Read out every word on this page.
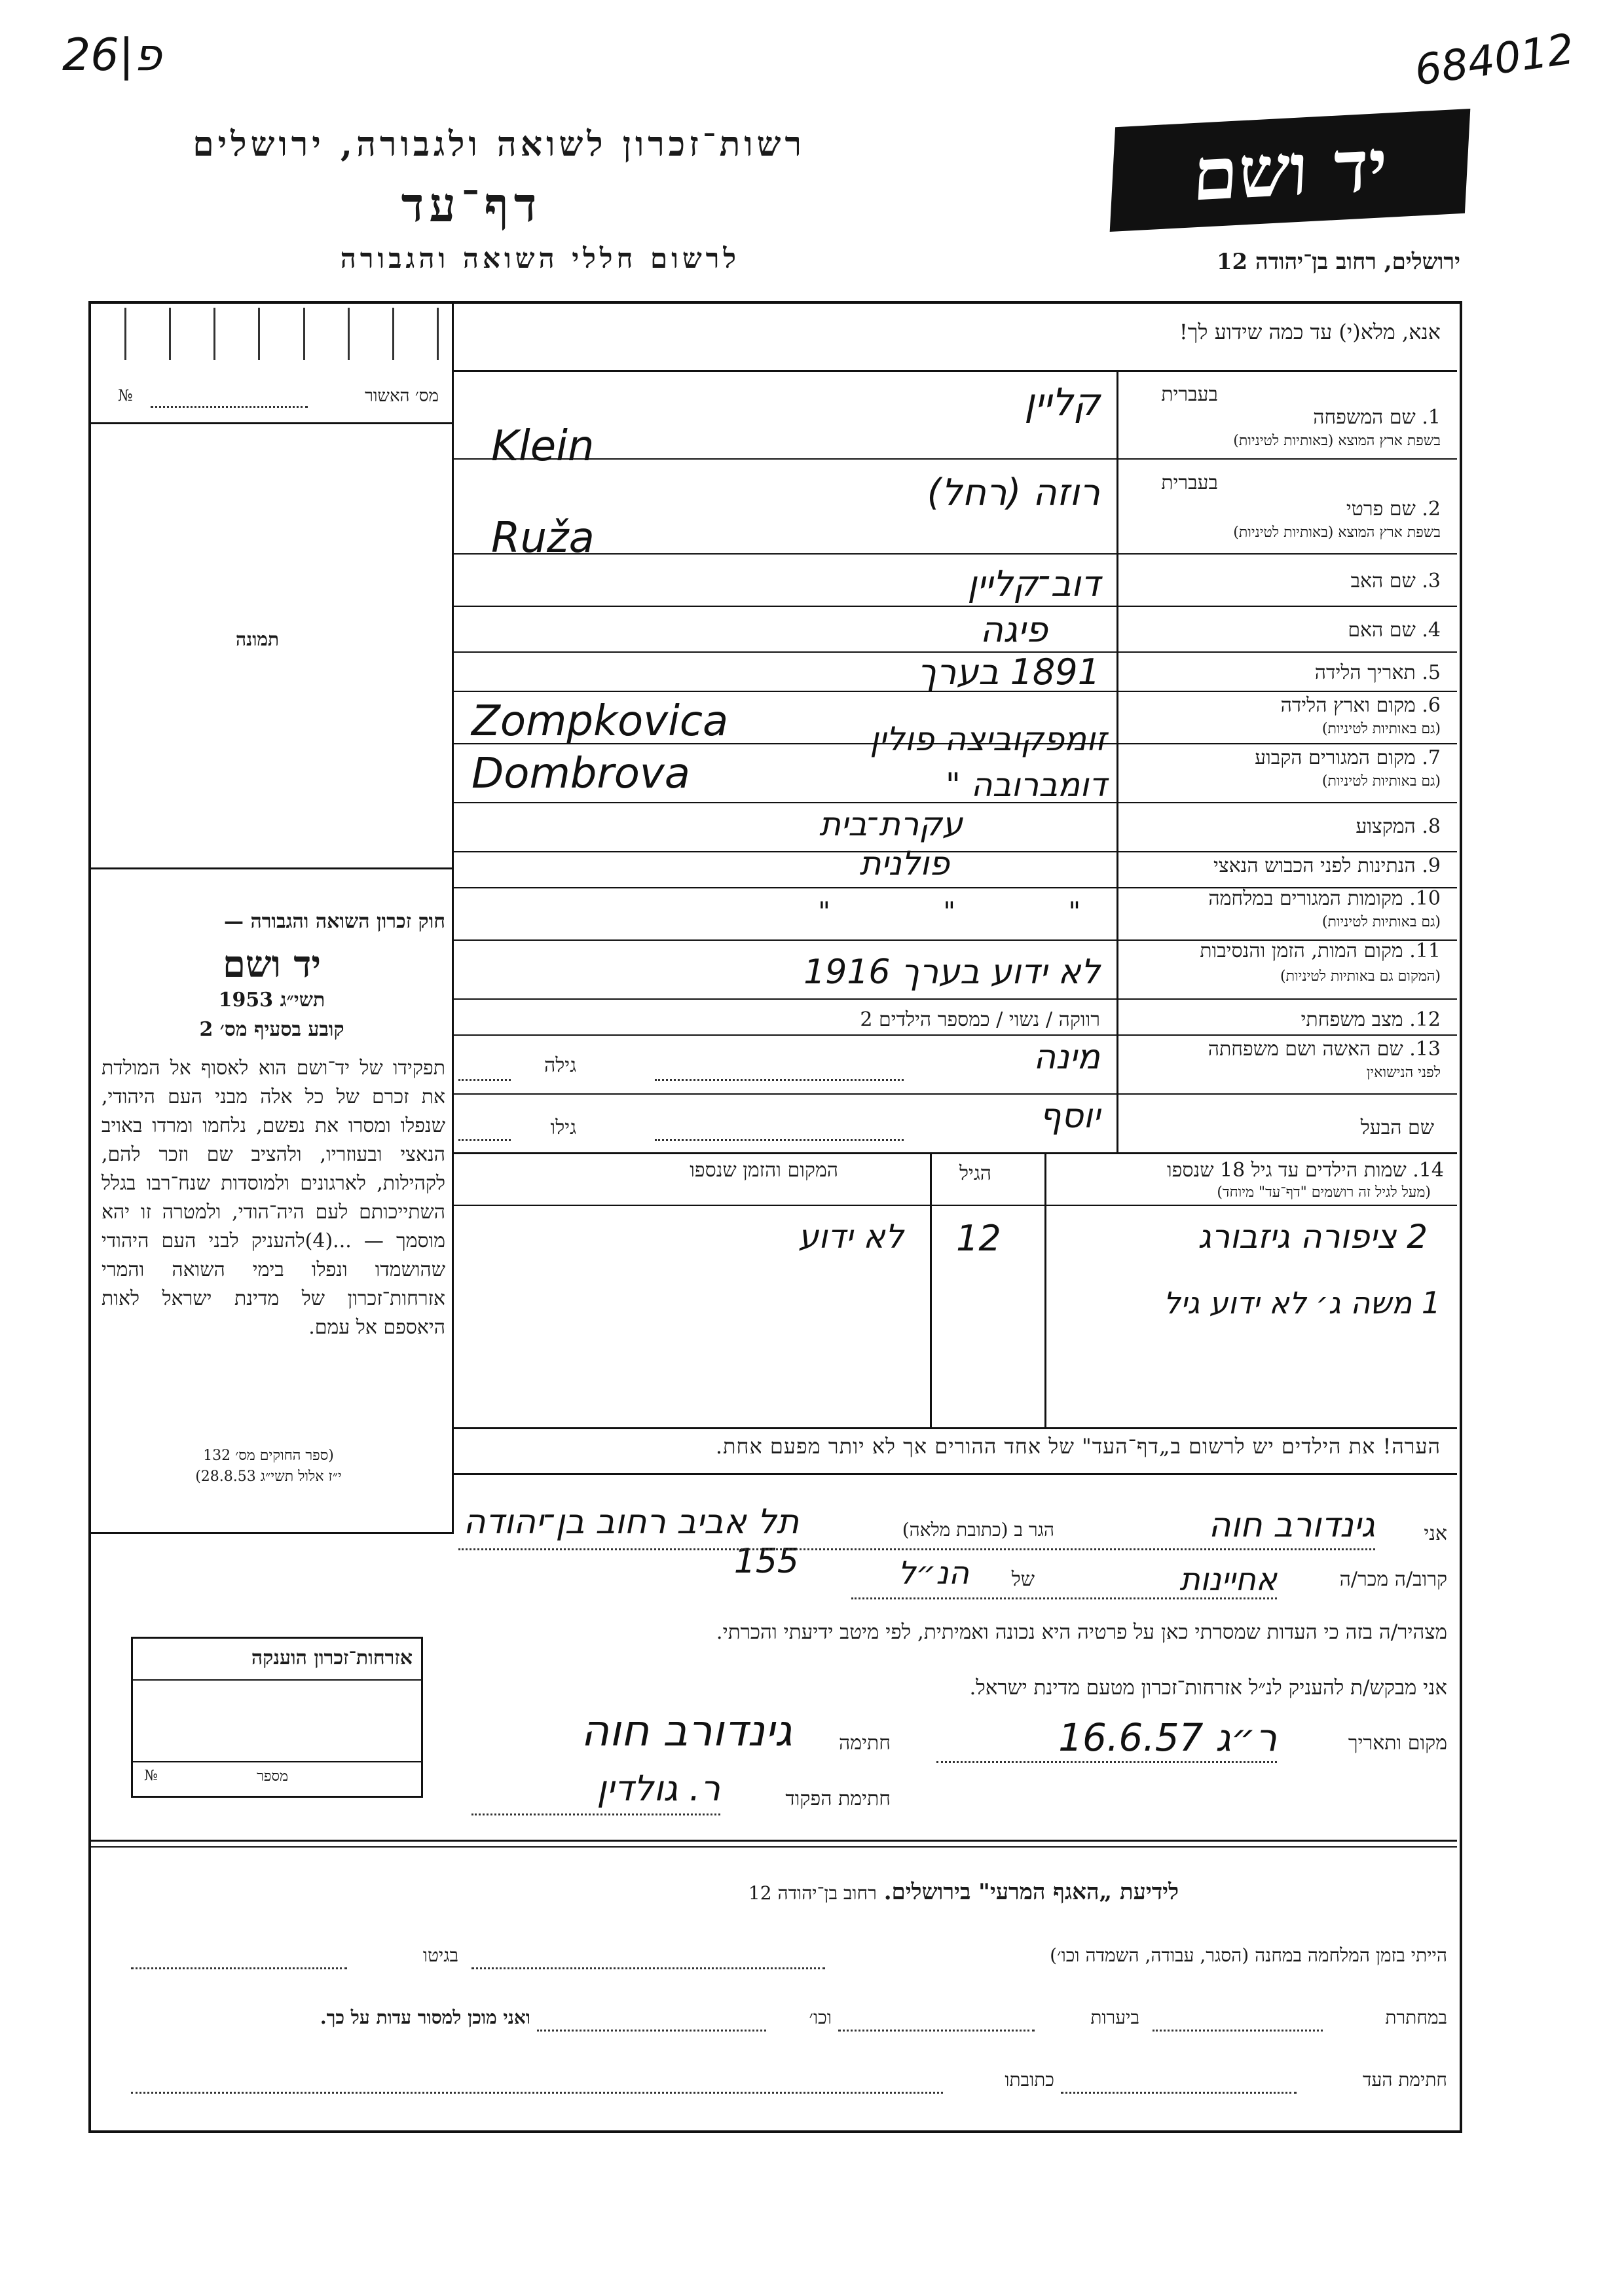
26|פ	684012
רשות־זכרון לשואה ולגבורה, ירושלים
דף־עד
לרשום חללי השואה והגבורה
יד ושם
ירושלים, רחוב בן־יהודה 12
אנא, מלא(י) עד כמה שידוע לך!
מס׳ האשור
№
תמונה
בעברית
1. שם המשפחה
בשפת ארץ המוצא (באותיות לטיניות)
קליין
Klein
בעברית
2. שם פרטי
בשפת ארץ המוצא (באותיות לטיניות)
רוזה (רחל)
Ruža
3. שם האב
דוב־קליין
4. שם האם
פיגה
5. תאריך הלידה
1891 בערך
6. מקום וארץ הלידה
(גם באותיות לטיניות)
זומפקוביצה פולין
Zompkovica
7. מקום המגורים הקבוע
(גם באותיות לטיניות)
דומברובה "
Dombrova
8. המקצוע
עקרת־בית
9. הנתינות לפני הכבוש הנאצי
פולנית
10. מקומות המגורים במלחמה
(גם באותיות לטיניות)
" " "
11. מקום המות, הזמן והנסיבות
(המקום גם באותיות לטיניות)
לא ידוע בערך 1916
12. מצב משפחתי
רווקה / נשוי / כמספר הילדים 2
13. שם האשה ושם משפחתה
לפני הנישואין
מינה
גילה
שם הבעל
יוסף
גילו
14. שמות הילדים עד גיל 18 שנספו
(מעל לגיל זה רושמים "דף־עד" מיוחד)
הגיל
המקום והזמן שנספו
2 ציפורה גיזבורג
12
לא ידוע
1 משה ג׳ לא ידוע גיל
הערה! את הילדים יש לרשום ב„דף־העד" של אחד ההורים אך לא יותר מפעם אחת.
חוק זכרון השואה והגבורה —
יד ושם
תשי״ג 1953
קובע בסעיף מס׳ 2
תפקידו של יד־ושם הוא לאסוף אל המולדת את זכרם של כל אלה מבני העם היהודי, שנפלו ומסרו את נפשם, נלחמו ומרדו באויב הנאצי ובעוזריו, ולהציב שם וזכר להם, לקהילות, לארגונים ולמוסדות שנח־רבו בגלל השתייכותם לעם היה־הודי, ולמטרה זו יהא מוסמך — ...(4)להעניק לבני העם היהודי שהושמדו ונפלו בימי השואה והמרי אזרחות־זכרון של מדינת ישראל לאות היאספם אל עמם.
(ספר החוקים מס׳ 132
י״ז אלול תשי״ג 28.8.53)
אני
גינדורב חוה
הגר ב (כתובת מלאה)
תל אביב רחוב בן־יהודה 155	קרוב/ה מכר/ה
אחיינות
של
הנ״ל
מצהיר/ה בזה כי העדות שמסרתי כאן על פרטיה היא נכונה ואמיתית, לפי מיטב ידיעתי והכרתי.
אני מבקש/ת להעניק לנ״ל אזרחות־זכרון מטעם מדינת ישראל.
מקום ותאריך
ר״ג 16.6.57
חתימה
גינדורב חוה
חתימת הפקוד
ר. גולדין
אזרחות־זכרון הוענקה
מספר
№
לידיעת „האגף המרעי" בירושלים. רחוב בן־יהודה 12
הייתי בזמן המלחמה במחנה (הסגר, עבודה, השמדה וכו׳)
בגיטו
במחתרת
ביערות
וכו׳
ואני מוכן למסור עדות על כך.
חתימת העד
כתובתו
